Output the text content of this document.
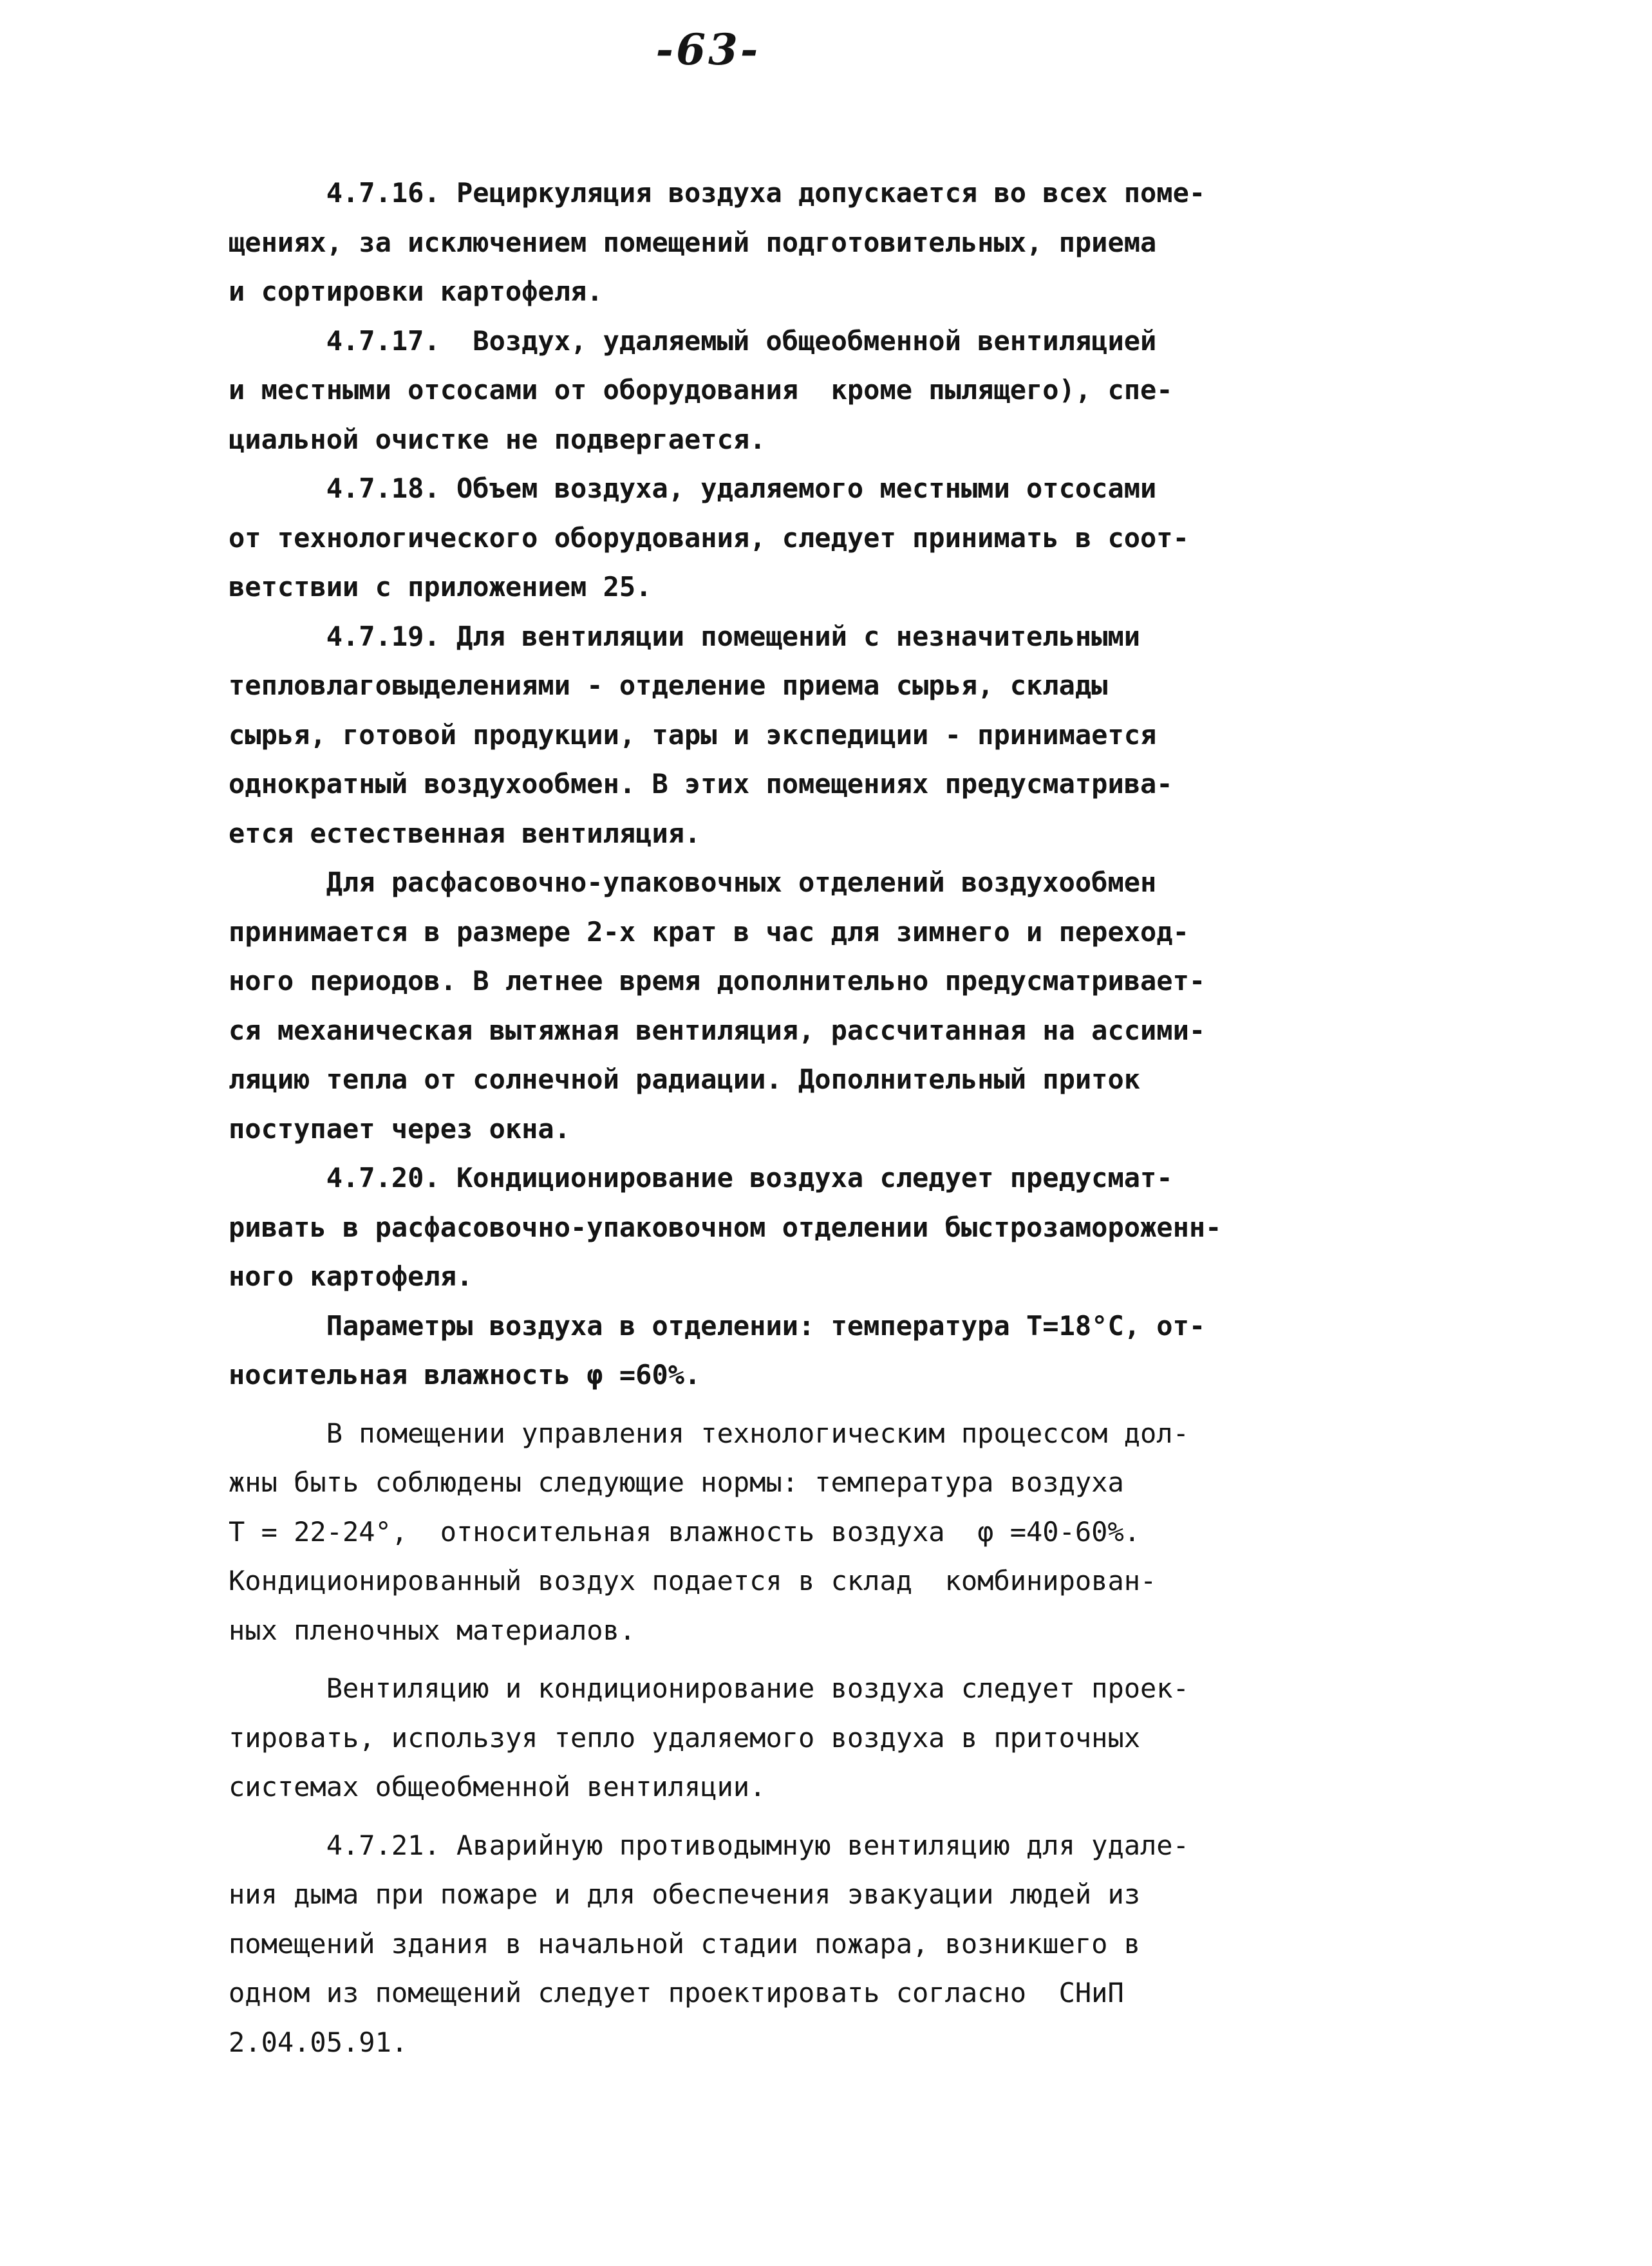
-63-
4.7.16. Рециркуляция воздуха допускается во всех поме-
щениях, за исключением помещений подготовительных, приема
и сортировки картофеля.
4.7.17.  Воздух, удаляемый общеобменной вентиляцией
и местными отсосами от оборудования  кроме пылящего), спе-
циальной очистке не подвергается.
4.7.18. Объем воздуха, удаляемого местными отсосами
от технологического оборудования, следует принимать в соот-
ветствии с приложением 25.
4.7.19. Для вентиляции помещений с незначительными
тепловлаговыделениями - отделение приема сырья, склады
сырья, готовой продукции, тары и экспедиции - принимается
однократный воздухообмен. В этих помещениях предусматрива-
ется естественная вентиляция.
Для расфасовочно-упаковочных отделений воздухообмен
принимается в размере 2-х крат в час для зимнего и переход-
ного периодов. В летнее время дополнительно предусматривает-
ся механическая вытяжная вентиляция, рассчитанная на ассими-
ляцию тепла от солнечной радиации. Дополнительный приток
поступает через окна.
4.7.20. Кондиционирование воздуха следует предусмат-
ривать в расфасовочно-упаковочном отделении быстрозамороженн-
ного картофеля.
Параметры воздуха в отделении: температура Т=18°С, от-
носительная влажность φ =60%.
В помещении управления технологическим процессом дол-
жны быть соблюдены следующие нормы: температура воздуха
Т = 22-24°,  относительная влажность воздуха  φ =40-60%.
Кондиционированный воздух подается в склад  комбинирован-
ных пленочных материалов.
Вентиляцию и кондиционирование воздуха следует проек-
тировать, используя тепло удаляемого воздуха в приточных
системах общеобменной вентиляции.
4.7.21. Аварийную противодымную вентиляцию для удале-
ния дыма при пожаре и для обеспечения эвакуации людей из
помещений здания в начальной стадии пожара, возникшего в
одном из помещений следует проектировать согласно  СНиП
2.04.05.91.
